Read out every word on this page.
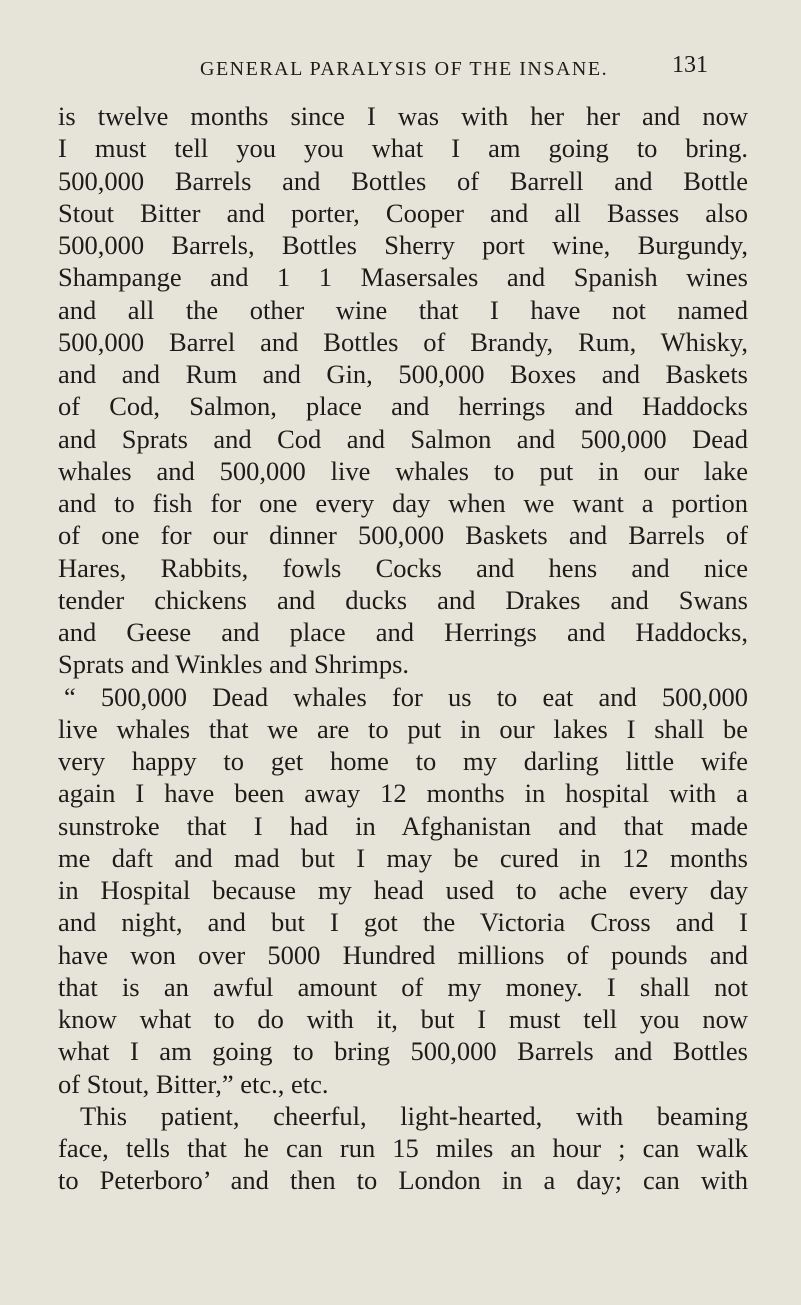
GENERAL PARALYSIS OF THE INSANE.	131
is twelve months since I was with her her and now
I must tell you you what I am going to bring.
500,000 Barrels and Bottles of Barrell and Bottle
Stout Bitter and porter, Cooper and all Basses also
500,000 Barrels, Bottles Sherry port wine, Burgundy,
Shampange and 1 1 Masersales and Spanish wines
and all the other wine that I have not named
500,000 Barrel and Bottles of Brandy, Rum, Whisky,
and and Rum and Gin, 500,000 Boxes and Baskets
of Cod, Salmon, place and herrings and Haddocks
and Sprats and Cod and Salmon and 500,000 Dead
whales and 500,000 live whales to put in our lake
and to fish for one every day when we want a portion
of one for our dinner 500,000 Baskets and Barrels of
Hares, Rabbits, fowls Cocks and hens and nice
tender chickens and ducks and Drakes and Swans
and Geese and place and Herrings and Haddocks,
Sprats and Winkles and Shrimps.
“ 500,000 Dead whales for us to eat and 500,000
live whales that we are to put in our lakes I shall be
very happy to get home to my darling little wife
again I have been away 12 months in hospital with a
sunstroke that I had in Afghanistan and that made
me daft and mad but I may be cured in 12 months
in Hospital because my head used to ache every day
and night, and but I got the Victoria Cross and I
have won over 5000 Hundred millions of pounds and
that is an awful amount of my money. I shall not
know what to do with it, but I must tell you now
what I am going to bring 500,000 Barrels and Bottles
of Stout, Bitter,” etc., etc.
This patient, cheerful, light-hearted, with beaming
face, tells that he can run 15 miles an hour ; can walk
to Peterboro’ and then to London in a day; can with
